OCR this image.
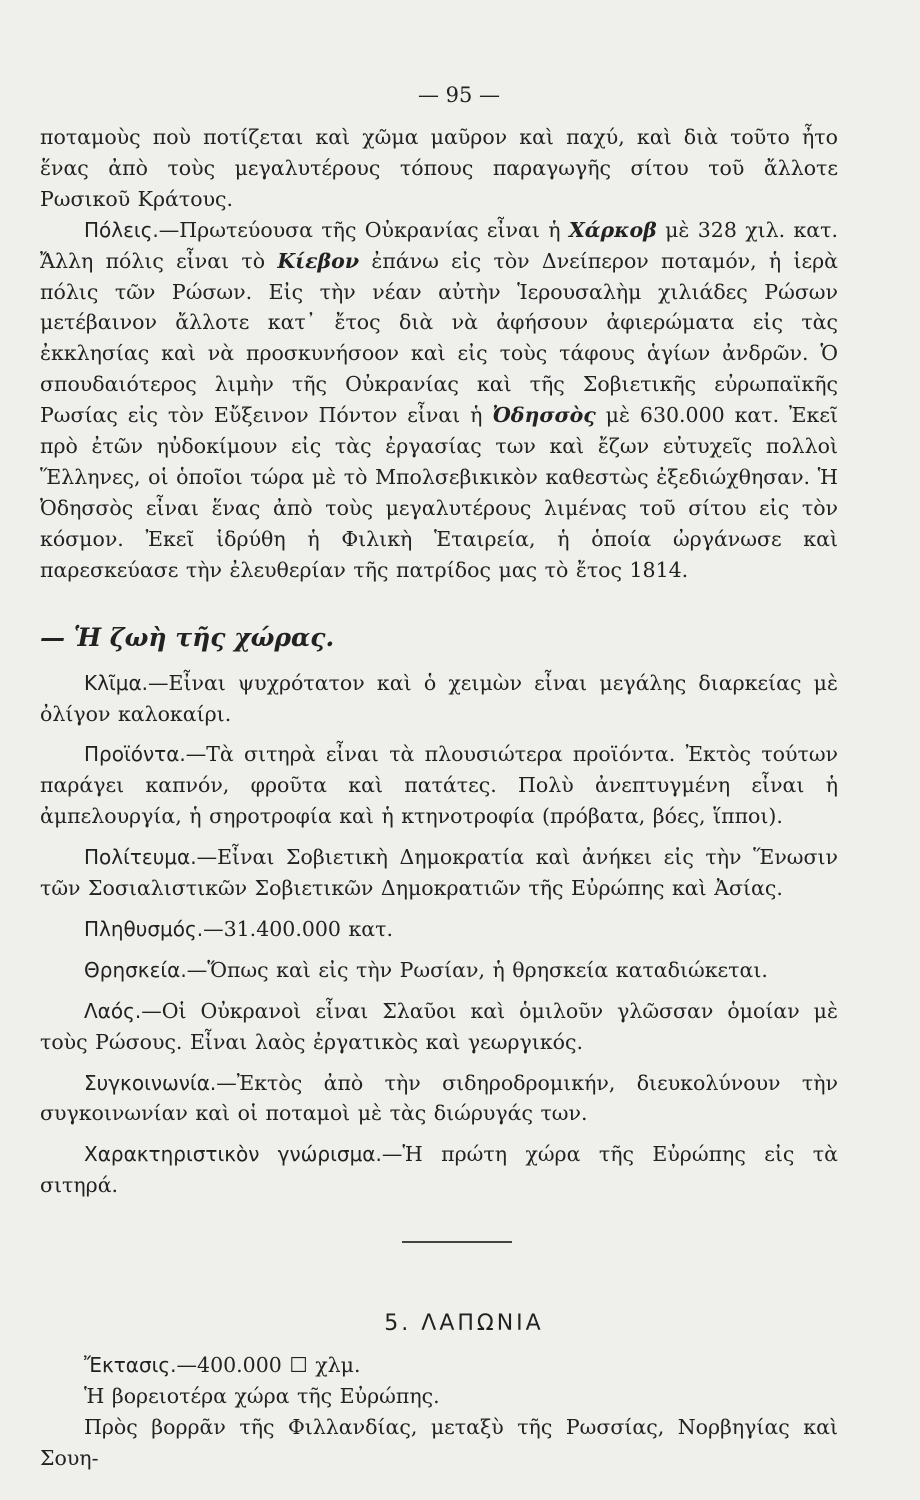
— 95 —

ποταμοὺς ποὺ ποτίζεται καὶ χῶμα μαῦρον καὶ παχύ, καὶ διὰ τοῦτο ἦτο ἕνας ἀπὸ τοὺς μεγαλυτέρους τόπους παραγωγῆς σίτου τοῦ ἄλλοτε Ρωσικοῦ Κράτους.

Πόλεις.—Πρωτεύουσα τῆς Οὐκρανίας εἶναι ἡ Χάρκοβ μὲ 328 χιλ. κατ. Ἄλλη πόλις εἶναι τὸ Κίεβον ἐπάνω εἰς τὸν Δνείπερον ποταμόν, ἡ ἱερὰ πόλις τῶν Ρώσων. Εἰς τὴν νέαν αὐτὴν Ἱερουσαλὴμ χιλιάδες Ρώσων μετέβαινον ἄλλοτε κατ᾽ ἔτος διὰ νὰ ἀφήσουν ἀφιερώματα εἰς τὰς ἐκκλησίας καὶ νὰ προσκυνήσοον καὶ εἰς τοὺς τάφους ἁγίων ἀνδρῶν. Ὁ σπουδαιότερος λιμὴν τῆς Οὐκρανίας καὶ τῆς Σοβιετικῆς εὐρωπαϊκῆς Ρωσίας εἰς τὸν Εὔξεινον Πόντον εἶναι ἡ Ὀδησσὸς μὲ 630.000 κατ. Ἐκεῖ πρὸ ἐτῶν ηὐδοκίμουν εἰς τὰς ἐργασίας των καὶ ἔζων εὐτυχεῖς πολλοὶ Ἕλληνες, οἱ ὁποῖοι τώρα μὲ τὸ Μπολσεβικικὸν καθεστὼς ἐξεδιώχθησαν. Ἡ Ὀδησσὸς εἶναι ἕνας ἀπὸ τοὺς μεγαλυτέρους λιμένας τοῦ σίτου εἰς τὸν κόσμον. Ἐκεῖ ἱδρύθη ἡ Φιλικὴ Ἑταιρεία, ἡ ὁποία ὠργάνωσε καὶ παρεσκεύασε τὴν ἐλευθερίαν τῆς πατρίδος μας τὸ ἔτος 1814.

— Ἡ ζωὴ τῆς χώρας.

Κλῖμα.—Εἶναι ψυχρότατον καὶ ὁ χειμὼν εἶναι μεγάλης διαρκείας μὲ ὀλίγον καλοκαίρι.

Προϊόντα.—Τὰ σιτηρὰ εἶναι τὰ πλουσιώτερα προϊόντα. Ἐκτὸς τούτων παράγει καπνόν, φροῦτα καὶ πατάτες. Πολὺ ἀνεπτυγμένη εἶναι ἡ ἀμπελουργία, ἡ σηροτροφία καὶ ἡ κτηνοτροφία (πρόβατα, βόες, ἵπποι).

Πολίτευμα.—Εἶναι Σοβιετικὴ Δημοκρατία καὶ ἀνήκει εἰς τὴν Ἕνωσιν τῶν Σοσιαλιστικῶν Σοβιετικῶν Δημοκρατιῶν τῆς Εὐρώπης καὶ Ἀσίας.

Πληθυσμός.—31.400.000 κατ.

Θρησκεία.—Ὅπως καὶ εἰς τὴν Ρωσίαν, ἡ θρησκεία καταδιώκεται.

Λαός.—Οἱ Οὐκρανοὶ εἶναι Σλαῦοι καὶ ὁμιλοῦν γλῶσσαν ὁμοίαν μὲ τοὺς Ρώσους. Εἶναι λαὸς ἐργατικὸς καὶ γεωργικός.

Συγκοινωνία.—Ἐκτὸς ἀπὸ τὴν σιδηροδρομικήν, διευκολύνουν τὴν συγκοινωνίαν καὶ οἱ ποταμοὶ μὲ τὰς διώρυγάς των.

Χαρακτηριστικὸν γνώρισμα.—Ἡ πρώτη χώρα τῆς Εὐρώπης εἰς τὰ σιτηρά.

5. ΛΑΠΩΝΙΑ

Ἔκτασις.—400.000 ☐ χλμ.

Ἡ βορειοτέρα χώρα τῆς Εὐρώπης.

Πρὸς βορρᾶν τῆς Φιλλανδίας, μεταξὺ τῆς Ρωσσίας, Νορβηγίας καὶ Σουη-
